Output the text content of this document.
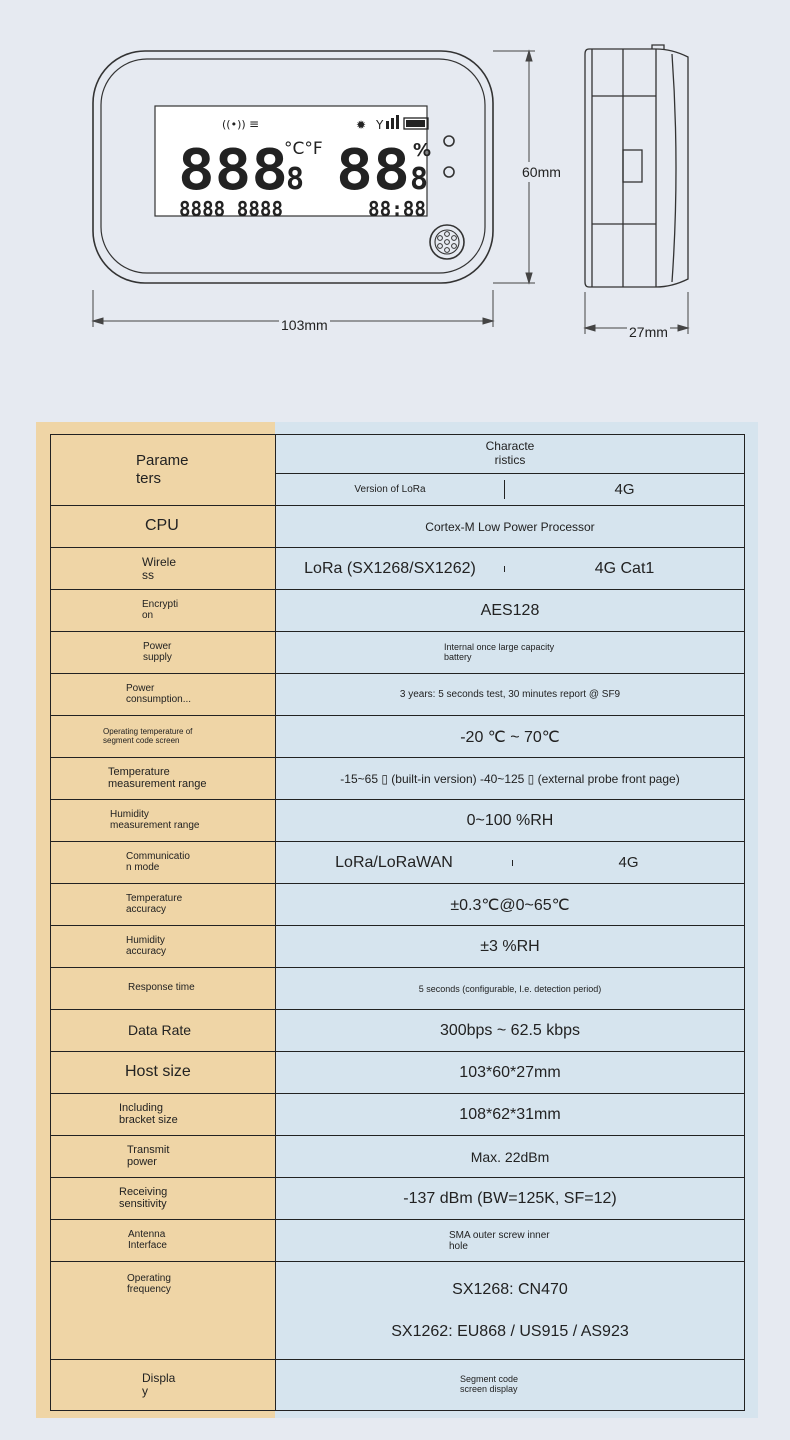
((•)) ≡	✹ Y
888
8
°C°F 88 8
%
8888 8888	88:88
103mm
60mm
27mm
Parame
ters	Characte
ristics

	Version of LoRa 4G

CPU	Cortex-M Low Power Processor

Wirele
ss	LoRa (SX1268/SX1262) 4G Cat1

Encrypti
on	AES128

Power
supply	Internal once large capacity
battery

Power
consumption...	3 years: 5 seconds test, 30 minutes report @ SF9

Operating temperature of
segment code screen	-20 ℃ ~ 70℃

Temperature
measurement range	-15~65 ▯ (built-in version) -40~125 ▯ (external probe front page)

Humidity
measurement range	0~100 %RH

Communicatio
n mode	LoRa/LoRaWAN 4G

Temperature
accuracy	±0.3℃@0~65℃

Humidity
accuracy	±3 %RH

Response time	5 seconds (configurable, I.e. detection period)

Data Rate	300bps ~ 62.5 kbps

Host size	103*60*27mm

Including
bracket size	108*62*31mm

Transmit
power	Max. 22dBm

Receiving
sensitivity	-137 dBm (BW=125K, SF=12)

Antenna
Interface	SMA outer screw inner
hole

Operating
frequency	SX1268: CN470
SX1262: EU868 / US915 / AS923

Displa
y	Segment code
screen display
